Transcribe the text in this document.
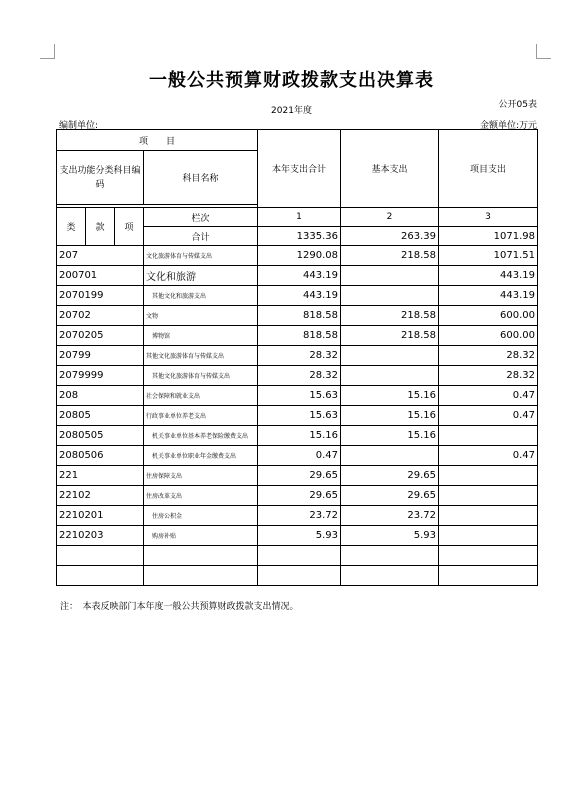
一般公共预算财政拨款支出决算表
2021年度
公开05表
编制单位:	金额单位:万元
项　　目				本年支出合计	基本支出	项目支出
支出功能分类科目编码			科目名称			

类	款	项	栏次	1	2	3
			合计	1335.36	263.39	1071.98
207			文化旅游体育与传媒支出	1290.08	218.58	1071.51
200701			文化和旅游	443.19		443.19
2070199			其他文化和旅游支出	443.19		443.19
20702			文物	818.58	218.58	600.00
2070205			博物馆	818.58	218.58	600.00
20799			其他文化旅游体育与传媒支出	28.32		28.32
2079999			其他文化旅游体育与传媒支出	28.32		28.32
208			社会保障和就业支出	15.63	15.16	0.47
20805			行政事业单位养老支出	15.63	15.16	0.47
2080505			机关事业单位基本养老保险缴费支出	15.16	15.16	
2080506			机关事业单位职业年金缴费支出	0.47		0.47
221			住房保障支出	29.65	29.65	
22102			住房改革支出	29.65	29.65	
2210201			住房公积金	23.72	23.72	
2210203			购房补贴	5.93	5.93	

注：　本表反映部门本年度一般公共预算财政拨款支出情况。
